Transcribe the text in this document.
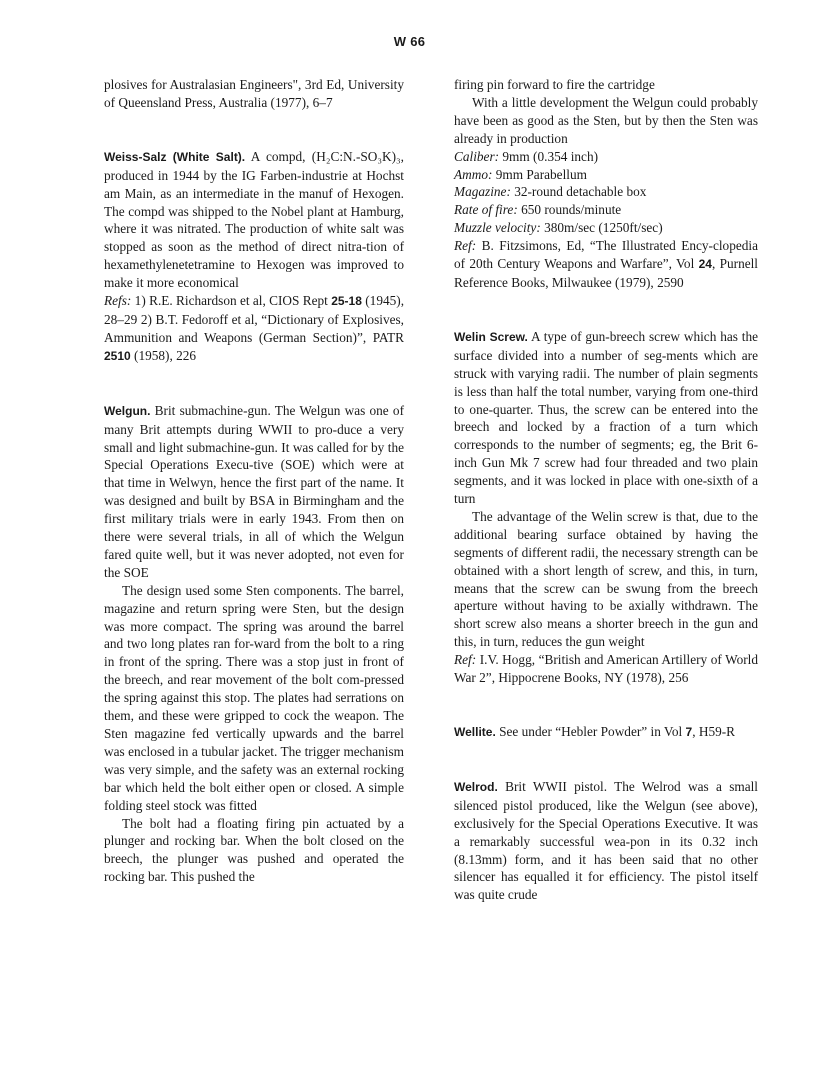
W 66

plosives for Australasian Engineers", 3rd Ed, University of Queensland Press, Australia (1977), 6–7

Weiss-Salz (White Salt). A compd, (H₂C:N.-SO₃K)₃, produced in 1944 by the IG Farben-industrie at Hochst am Main, as an intermediate in the manuf of Hexogen. The compd was shipped to the Nobel plant at Hamburg, where it was nitrated. The production of white salt was stopped as soon as the method of direct nitra-tion of hexamethylenetetramine to Hexogen was improved to make it more economical

Refs: 1) R.E. Richardson et al, CIOS Rept 25-18 (1945), 28–29 2) B.T. Fedoroff et al, “Dictionary of Explosives, Ammunition and Weapons (German Section)”, PATR 2510 (1958), 226

Welgun. Brit submachine-gun. The Welgun was one of many Brit attempts during WWII to pro-duce a very small and light submachine-gun. It was called for by the Special Operations Execu-tive (SOE) which were at that time in Welwyn, hence the first part of the name. It was designed and built by BSA in Birmingham and the first military trials were in early 1943. From then on there were several trials, in all of which the Welgun fared quite well, but it was never adopted, not even for the SOE

The design used some Sten components. The barrel, magazine and return spring were Sten, but the design was more compact. The spring was around the barrel and two long plates ran for-ward from the bolt to a ring in front of the spring. There was a stop just in front of the breech, and rear movement of the bolt com-pressed the spring against this stop. The plates had serrations on them, and these were gripped to cock the weapon. The Sten magazine fed vertically upwards and the barrel was enclosed in a tubular jacket. The trigger mechanism was very simple, and the safety was an external rocking bar which held the bolt either open or closed. A simple folding steel stock was fitted

The bolt had a floating firing pin actuated by a plunger and rocking bar. When the bolt closed on the breech, the plunger was pushed and operated the rocking bar. This pushed the

firing pin forward to fire the cartridge

With a little development the Welgun could probably have been as good as the Sten, but by then the Sten was already in production

Caliber: 9mm (0.354 inch)

Ammo: 9mm Parabellum

Magazine: 32-round detachable box

Rate of fire: 650 rounds/minute

Muzzle velocity: 380m/sec (1250ft/sec)

Ref: B. Fitzsimons, Ed, “The Illustrated Ency-clopedia of 20th Century Weapons and Warfare”, Vol 24, Purnell Reference Books, Milwaukee (1979), 2590

Welin Screw. A type of gun-breech screw which has the surface divided into a number of seg-ments which are struck with varying radii. The number of plain segments is less than half the total number, varying from one-third to one-quarter. Thus, the screw can be entered into the breech and locked by a fraction of a turn which corresponds to the number of segments; eg, the Brit 6-inch Gun Mk 7 screw had four threaded and two plain segments, and it was locked in place with one-sixth of a turn

The advantage of the Welin screw is that, due to the additional bearing surface obtained by having the segments of different radii, the necessary strength can be obtained with a short length of screw, and this, in turn, means that the screw can be swung from the breech aperture without having to be axially withdrawn. The short screw also means a shorter breech in the gun and this, in turn, reduces the gun weight

Ref: I.V. Hogg, “British and American Artillery of World War 2”, Hippocrene Books, NY (1978), 256

Wellite. See under “Hebler Powder” in Vol 7, H59-R

Welrod. Brit WWII pistol. The Welrod was a small silenced pistol produced, like the Welgun (see above), exclusively for the Special Operations Executive. It was a remarkably successful wea-pon in its 0.32 inch (8.13mm) form, and it has been said that no other silencer has equalled it for efficiency. The pistol itself was quite crude
